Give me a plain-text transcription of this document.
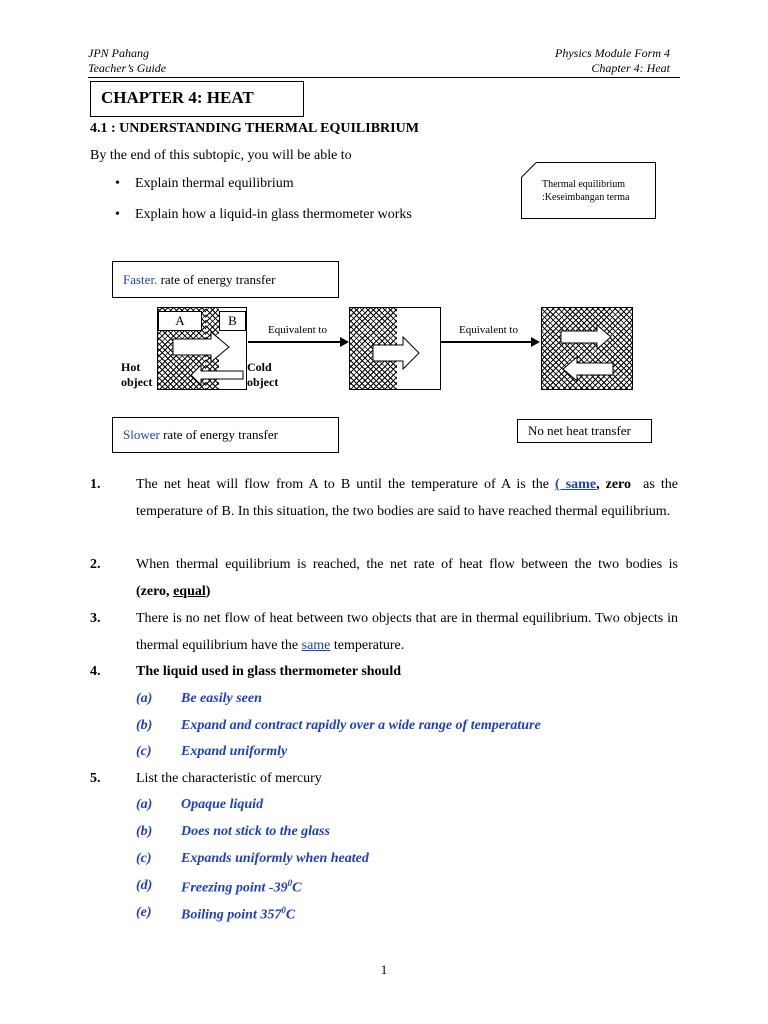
JPN Pahang
Teacher’s Guide
Physics Module Form 4
Chapter 4: Heat
CHAPTER 4: HEAT
4.1 : UNDERSTANDING THERMAL EQUILIBRIUM
By the end of this subtopic, you will be able to
• Explain thermal equilibrium
• Explain how a liquid-in glass thermometer works
Thermal equilibrium
:Keseimbangan terma
Faster. rate of energy transfer
A	B
Hot
object
Cold
object
Equivalent to	Equivalent to
Slower rate of energy transfer	No net heat transfer
1.	The net heat will flow from A to B until the temperature of A is the ( same, zero  as the temperature of B. In this situation, the two bodies are said to have reached thermal equilibrium.
2.	When thermal equilibrium is reached, the net rate of heat flow between the two bodies is (zero, equal)
3.	There is no net flow of heat between two objects that are in thermal equilibrium. Two objects in thermal equilibrium have the same temperature.
4.	The liquid used in glass thermometer should
(a) Be easily seen
(b) Expand and contract rapidly over a wide range of temperature
(c) Expand uniformly
5.	List the characteristic of mercury
(a) Opaque liquid
(b) Does not stick to the glass
(c) Expands uniformly when heated
(d) Freezing point $-39^0C$
(e) Boiling point $357^0C$
1
